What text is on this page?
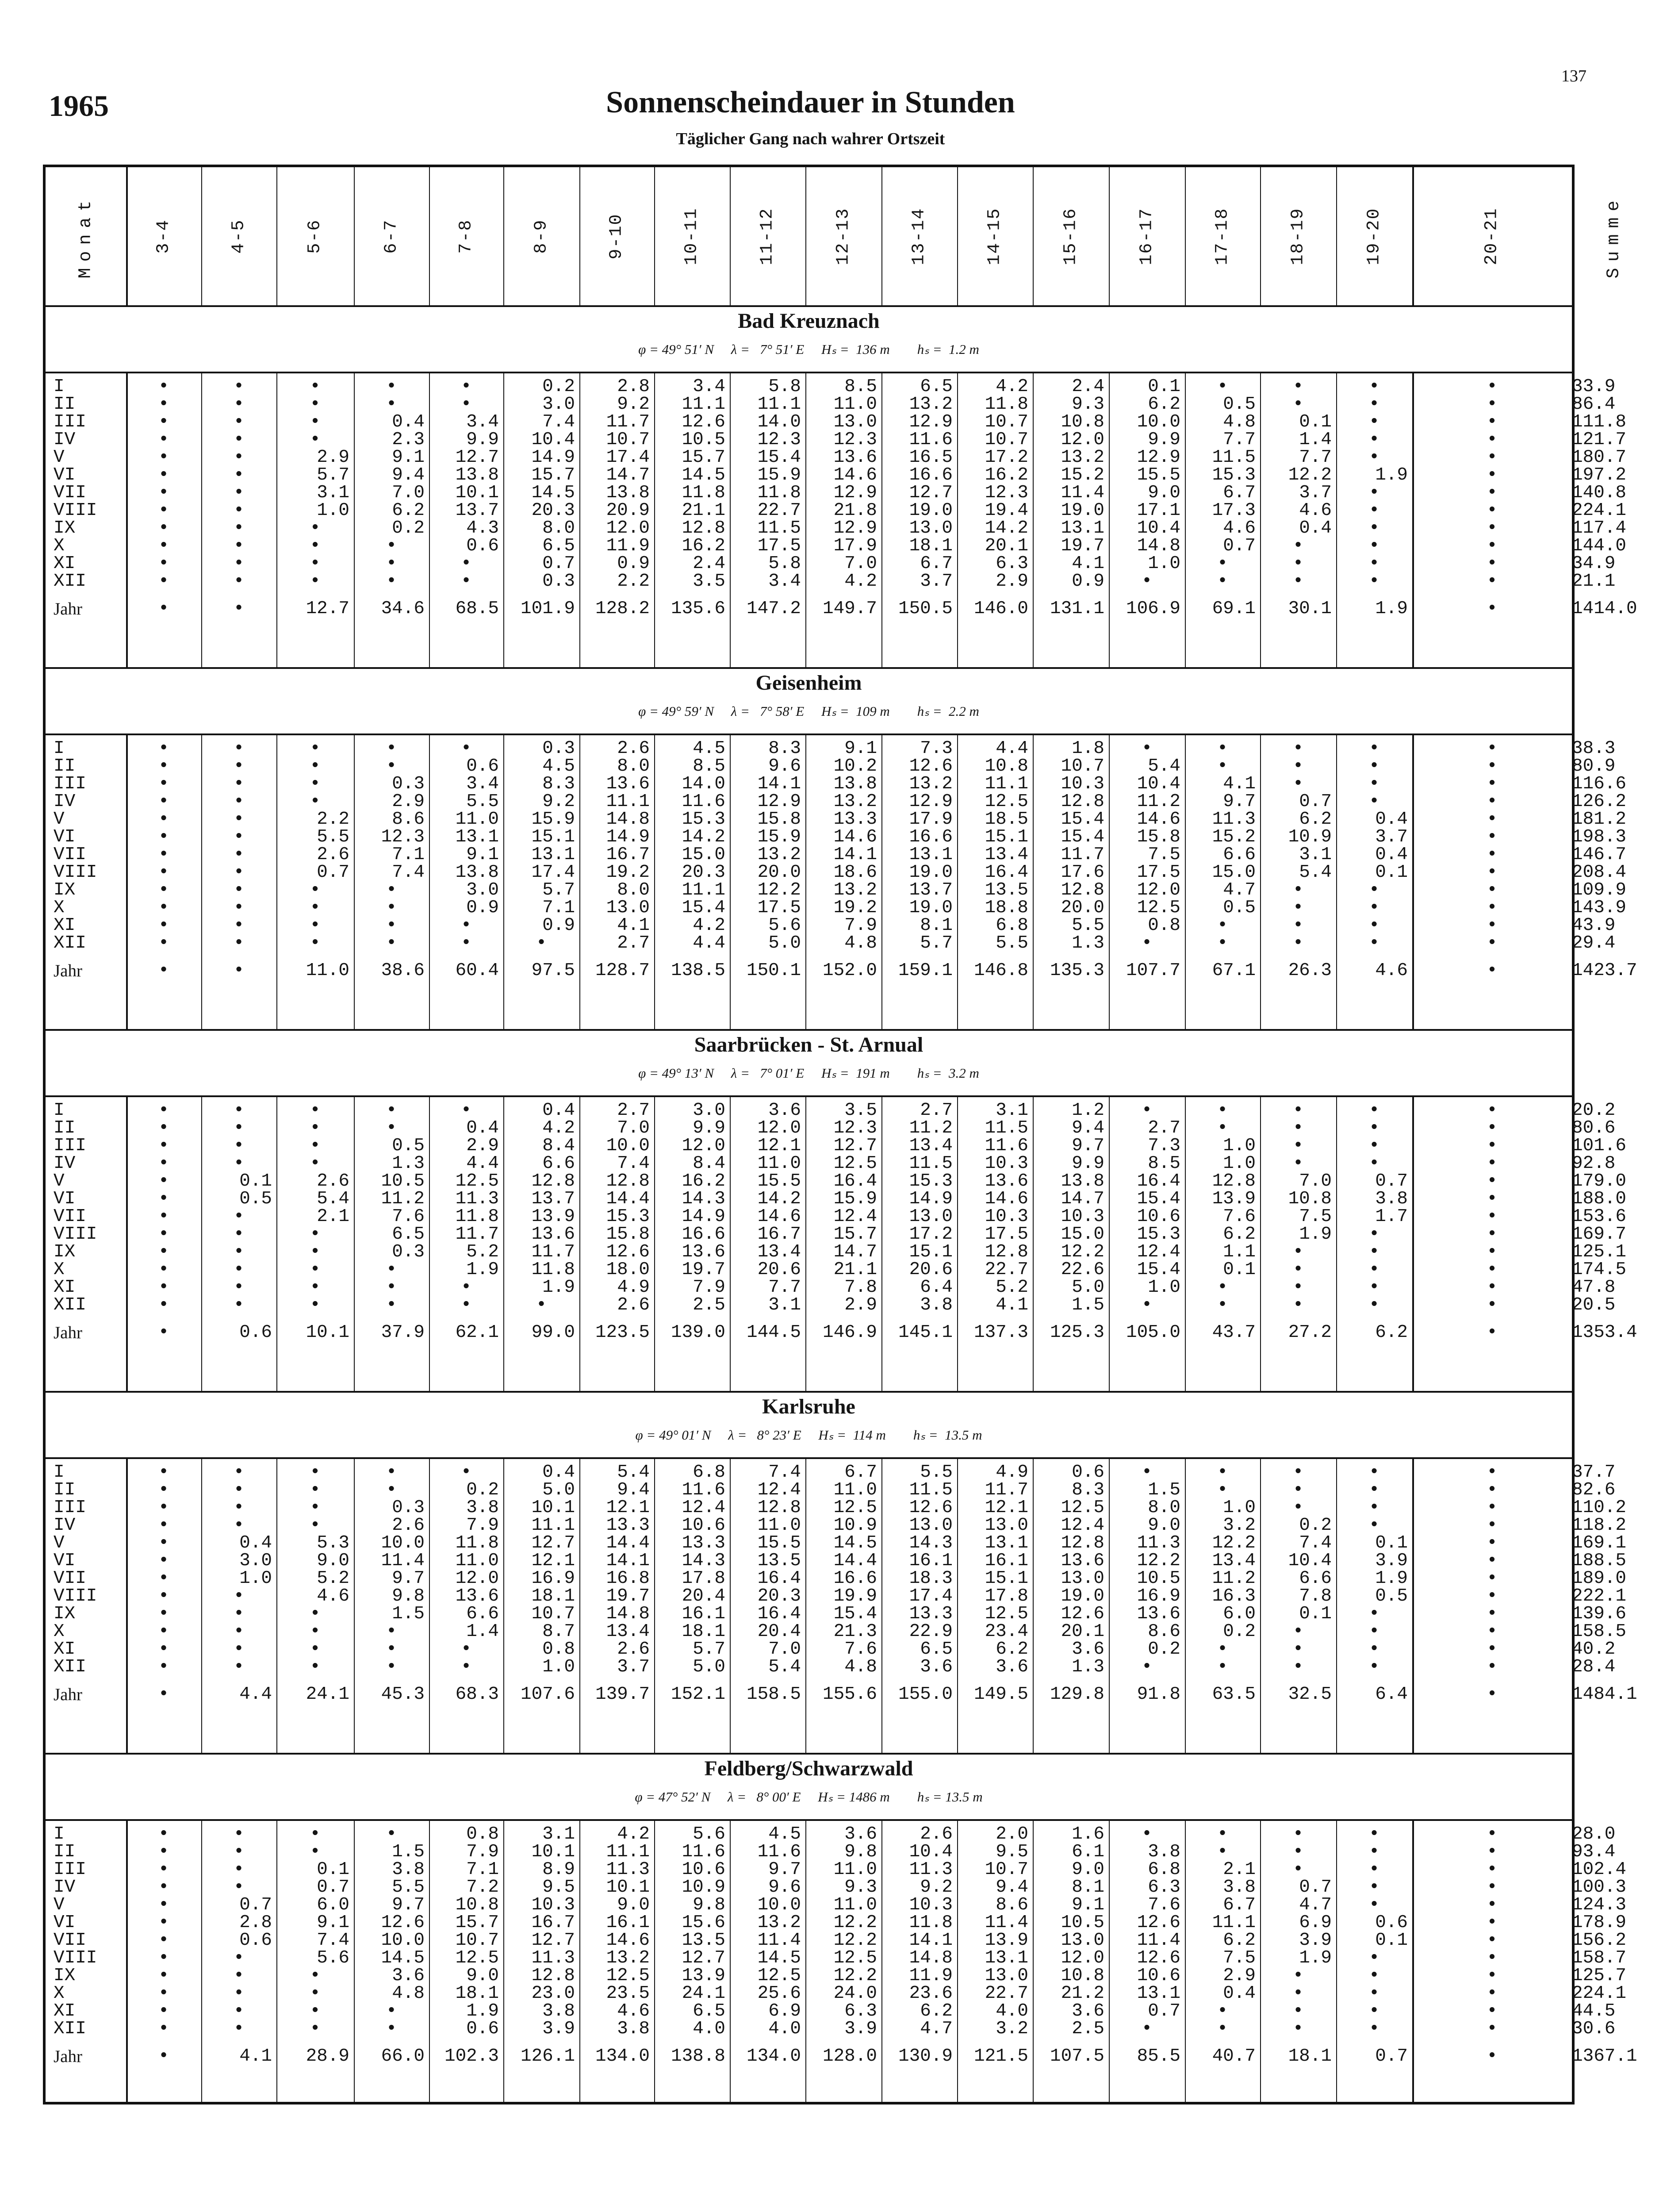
137
1965	Sonnenscheindauer in Stunden
Täglicher Gang nach wahrer Ortszeit
Monat	3-4	4-5	5-6	6-7	7-8	8-9	9-10	10-11	11-12	12-13	13-14	14-15	15-16	16-17	17-18	18-19	19-20	20-21	Summe
Bad Kreuznach
φ = 49° 51′ N     λ =   7° 51′ E     Hₛ =  136 m        hₛ =  1.2 m
I	•	•	•	•	•	0.2	2.8	3.4	5.8	8.5	6.5	4.2	2.4	0.1	•	•	•	•	33.9
II	•	•	•	•	•	3.0	9.2	11.1	11.1	11.0	13.2	11.8	9.3	6.2	0.5	•	•	•	86.4
III	•	•	•	0.4	3.4	7.4	11.7	12.6	14.0	13.0	12.9	10.7	10.8	10.0	4.8	0.1	•	•	111.8
IV	•	•	•	2.3	9.9	10.4	10.7	10.5	12.3	12.3	11.6	10.7	12.0	9.9	7.7	1.4	•	•	121.7
V	•	•	2.9	9.1	12.7	14.9	17.4	15.7	15.4	13.6	16.5	17.2	13.2	12.9	11.5	7.7	•	•	180.7
VI	•	•	5.7	9.4	13.8	15.7	14.7	14.5	15.9	14.6	16.6	16.2	15.2	15.5	15.3	12.2	1.9	•	197.2
VII	•	•	3.1	7.0	10.1	14.5	13.8	11.8	11.8	12.9	12.7	12.3	11.4	9.0	6.7	3.7	•	•	140.8
VIII	•	•	1.0	6.2	13.7	20.3	20.9	21.1	22.7	21.8	19.0	19.4	19.0	17.1	17.3	4.6	•	•	224.1
IX	•	•	•	0.2	4.3	8.0	12.0	12.8	11.5	12.9	13.0	14.2	13.1	10.4	4.6	0.4	•	•	117.4
X	•	•	•	•	0.6	6.5	11.9	16.2	17.5	17.9	18.1	20.1	19.7	14.8	0.7	•	•	•	144.0
XI	•	•	•	•	•	0.7	0.9	2.4	5.8	7.0	6.7	6.3	4.1	1.0	•	•	•	•	34.9
XII	•	•	•	•	•	0.3	2.2	3.5	3.4	4.2	3.7	2.9	0.9	•	•	•	•	•	21.1
Jahr	•	•	12.7	34.6	68.5	101.9	128.2	135.6	147.2	149.7	150.5	146.0	131.1	106.9	69.1	30.1	1.9	•	1414.0
Geisenheim
φ = 49° 59′ N     λ =   7° 58′ E     Hₛ =  109 m        hₛ =  2.2 m
I	•	•	•	•	•	0.3	2.6	4.5	8.3	9.1	7.3	4.4	1.8	•	•	•	•	•	38.3
II	•	•	•	•	0.6	4.5	8.0	8.5	9.6	10.2	12.6	10.8	10.7	5.4	•	•	•	•	80.9
III	•	•	•	0.3	3.4	8.3	13.6	14.0	14.1	13.8	13.2	11.1	10.3	10.4	4.1	•	•	•	116.6
IV	•	•	•	2.9	5.5	9.2	11.1	11.6	12.9	13.2	12.9	12.5	12.8	11.2	9.7	0.7	•	•	126.2
V	•	•	2.2	8.6	11.0	15.9	14.8	15.3	15.8	13.3	17.9	18.5	15.4	14.6	11.3	6.2	0.4	•	181.2
VI	•	•	5.5	12.3	13.1	15.1	14.9	14.2	15.9	14.6	16.6	15.1	15.4	15.8	15.2	10.9	3.7	•	198.3
VII	•	•	2.6	7.1	9.1	13.1	16.7	15.0	13.2	14.1	13.1	13.4	11.7	7.5	6.6	3.1	0.4	•	146.7
VIII	•	•	0.7	7.4	13.8	17.4	19.2	20.3	20.0	18.6	19.0	16.4	17.6	17.5	15.0	5.4	0.1	•	208.4
IX	•	•	•	•	3.0	5.7	8.0	11.1	12.2	13.2	13.7	13.5	12.8	12.0	4.7	•	•	•	109.9
X	•	•	•	•	0.9	7.1	13.0	15.4	17.5	19.2	19.0	18.8	20.0	12.5	0.5	•	•	•	143.9
XI	•	•	•	•	•	0.9	4.1	4.2	5.6	7.9	8.1	6.8	5.5	0.8	•	•	•	•	43.9
XII	•	•	•	•	•	•	2.7	4.4	5.0	4.8	5.7	5.5	1.3	•	•	•	•	•	29.4
Jahr	•	•	11.0	38.6	60.4	97.5	128.7	138.5	150.1	152.0	159.1	146.8	135.3	107.7	67.1	26.3	4.6	•	1423.7
Saarbrücken - St. Arnual
φ = 49° 13′ N     λ =   7° 01′ E     Hₛ =  191 m        hₛ =  3.2 m
I	•	•	•	•	•	0.4	2.7	3.0	3.6	3.5	2.7	3.1	1.2	•	•	•	•	•	20.2
II	•	•	•	•	0.4	4.2	7.0	9.9	12.0	12.3	11.2	11.5	9.4	2.7	•	•	•	•	80.6
III	•	•	•	0.5	2.9	8.4	10.0	12.0	12.1	12.7	13.4	11.6	9.7	7.3	1.0	•	•	•	101.6
IV	•	•	•	1.3	4.4	6.6	7.4	8.4	11.0	12.5	11.5	10.3	9.9	8.5	1.0	•	•	•	92.8
V	•	0.1	2.6	10.5	12.5	12.8	12.8	16.2	15.5	16.4	15.3	13.6	13.8	16.4	12.8	7.0	0.7	•	179.0
VI	•	0.5	5.4	11.2	11.3	13.7	14.4	14.3	14.2	15.9	14.9	14.6	14.7	15.4	13.9	10.8	3.8	•	188.0
VII	•	•	2.1	7.6	11.8	13.9	15.3	14.9	14.6	12.4	13.0	10.3	10.3	10.6	7.6	7.5	1.7	•	153.6
VIII	•	•	•	6.5	11.7	13.6	15.8	16.6	16.7	15.7	17.2	17.5	15.0	15.3	6.2	1.9	•	•	169.7
IX	•	•	•	0.3	5.2	11.7	12.6	13.6	13.4	14.7	15.1	12.8	12.2	12.4	1.1	•	•	•	125.1
X	•	•	•	•	1.9	11.8	18.0	19.7	20.6	21.1	20.6	22.7	22.6	15.4	0.1	•	•	•	174.5
XI	•	•	•	•	•	1.9	4.9	7.9	7.7	7.8	6.4	5.2	5.0	1.0	•	•	•	•	47.8
XII	•	•	•	•	•	•	2.6	2.5	3.1	2.9	3.8	4.1	1.5	•	•	•	•	•	20.5
Jahr	•	0.6	10.1	37.9	62.1	99.0	123.5	139.0	144.5	146.9	145.1	137.3	125.3	105.0	43.7	27.2	6.2	•	1353.4
Karlsruhe
φ = 49° 01′ N     λ =   8° 23′ E     Hₛ =  114 m        hₛ =  13.5 m
I	•	•	•	•	•	0.4	5.4	6.8	7.4	6.7	5.5	4.9	0.6	•	•	•	•	•	37.7
II	•	•	•	•	0.2	5.0	9.4	11.6	12.4	11.0	11.5	11.7	8.3	1.5	•	•	•	•	82.6
III	•	•	•	0.3	3.8	10.1	12.1	12.4	12.8	12.5	12.6	12.1	12.5	8.0	1.0	•	•	•	110.2
IV	•	•	•	2.6	7.9	11.1	13.3	10.6	11.0	10.9	13.0	13.0	12.4	9.0	3.2	0.2	•	•	118.2
V	•	0.4	5.3	10.0	11.8	12.7	14.4	13.3	15.5	14.5	14.3	13.1	12.8	11.3	12.2	7.4	0.1	•	169.1
VI	•	3.0	9.0	11.4	11.0	12.1	14.1	14.3	13.5	14.4	16.1	16.1	13.6	12.2	13.4	10.4	3.9	•	188.5
VII	•	1.0	5.2	9.7	12.0	16.9	16.8	17.8	16.4	16.6	18.3	15.1	13.0	10.5	11.2	6.6	1.9	•	189.0
VIII	•	•	4.6	9.8	13.6	18.1	19.7	20.4	20.3	19.9	17.4	17.8	19.0	16.9	16.3	7.8	0.5	•	222.1
IX	•	•	•	1.5	6.6	10.7	14.8	16.1	16.4	15.4	13.3	12.5	12.6	13.6	6.0	0.1	•	•	139.6
X	•	•	•	•	1.4	8.7	13.4	18.1	20.4	21.3	22.9	23.4	20.1	8.6	0.2	•	•	•	158.5
XI	•	•	•	•	•	0.8	2.6	5.7	7.0	7.6	6.5	6.2	3.6	0.2	•	•	•	•	40.2
XII	•	•	•	•	•	1.0	3.7	5.0	5.4	4.8	3.6	3.6	1.3	•	•	•	•	•	28.4
Jahr	•	4.4	24.1	45.3	68.3	107.6	139.7	152.1	158.5	155.6	155.0	149.5	129.8	91.8	63.5	32.5	6.4	•	1484.1
Feldberg/Schwarzwald
φ = 47° 52′ N     λ =   8° 00′ E     Hₛ = 1486 m        hₛ = 13.5 m
I	•	•	•	•	0.8	3.1	4.2	5.6	4.5	3.6	2.6	2.0	1.6	•	•	•	•	•	28.0
II	•	•	•	1.5	7.9	10.1	11.1	11.6	11.6	9.8	10.4	9.5	6.1	3.8	•	•	•	•	93.4
III	•	•	0.1	3.8	7.1	8.9	11.3	10.6	9.7	11.0	11.3	10.7	9.0	6.8	2.1	•	•	•	102.4
IV	•	•	0.7	5.5	7.2	9.5	10.1	10.9	9.6	9.3	9.2	9.4	8.1	6.3	3.8	0.7	•	•	100.3
V	•	0.7	6.0	9.7	10.8	10.3	9.0	9.8	10.0	11.0	10.3	8.6	9.1	7.6	6.7	4.7	•	•	124.3
VI	•	2.8	9.1	12.6	15.7	16.7	16.1	15.6	13.2	12.2	11.8	11.4	10.5	12.6	11.1	6.9	0.6	•	178.9
VII	•	0.6	7.4	10.0	10.7	12.7	14.6	13.5	11.4	12.2	14.1	13.9	13.0	11.4	6.2	3.9	0.1	•	156.2
VIII	•	•	5.6	14.5	12.5	11.3	13.2	12.7	14.5	12.5	14.8	13.1	12.0	12.6	7.5	1.9	•	•	158.7
IX	•	•	•	3.6	9.0	12.8	12.5	13.9	12.5	12.2	11.9	13.0	10.8	10.6	2.9	•	•	•	125.7
X	•	•	•	4.8	18.1	23.0	23.5	24.1	25.6	24.0	23.6	22.7	21.2	13.1	0.4	•	•	•	224.1
XI	•	•	•	•	1.9	3.8	4.6	6.5	6.9	6.3	6.2	4.0	3.6	0.7	•	•	•	•	44.5
XII	•	•	•	•	0.6	3.9	3.8	4.0	4.0	3.9	4.7	3.2	2.5	•	•	•	•	•	30.6
Jahr	•	4.1	28.9	66.0	102.3	126.1	134.0	138.8	134.0	128.0	130.9	121.5	107.5	85.5	40.7	18.1	0.7	•	1367.1
